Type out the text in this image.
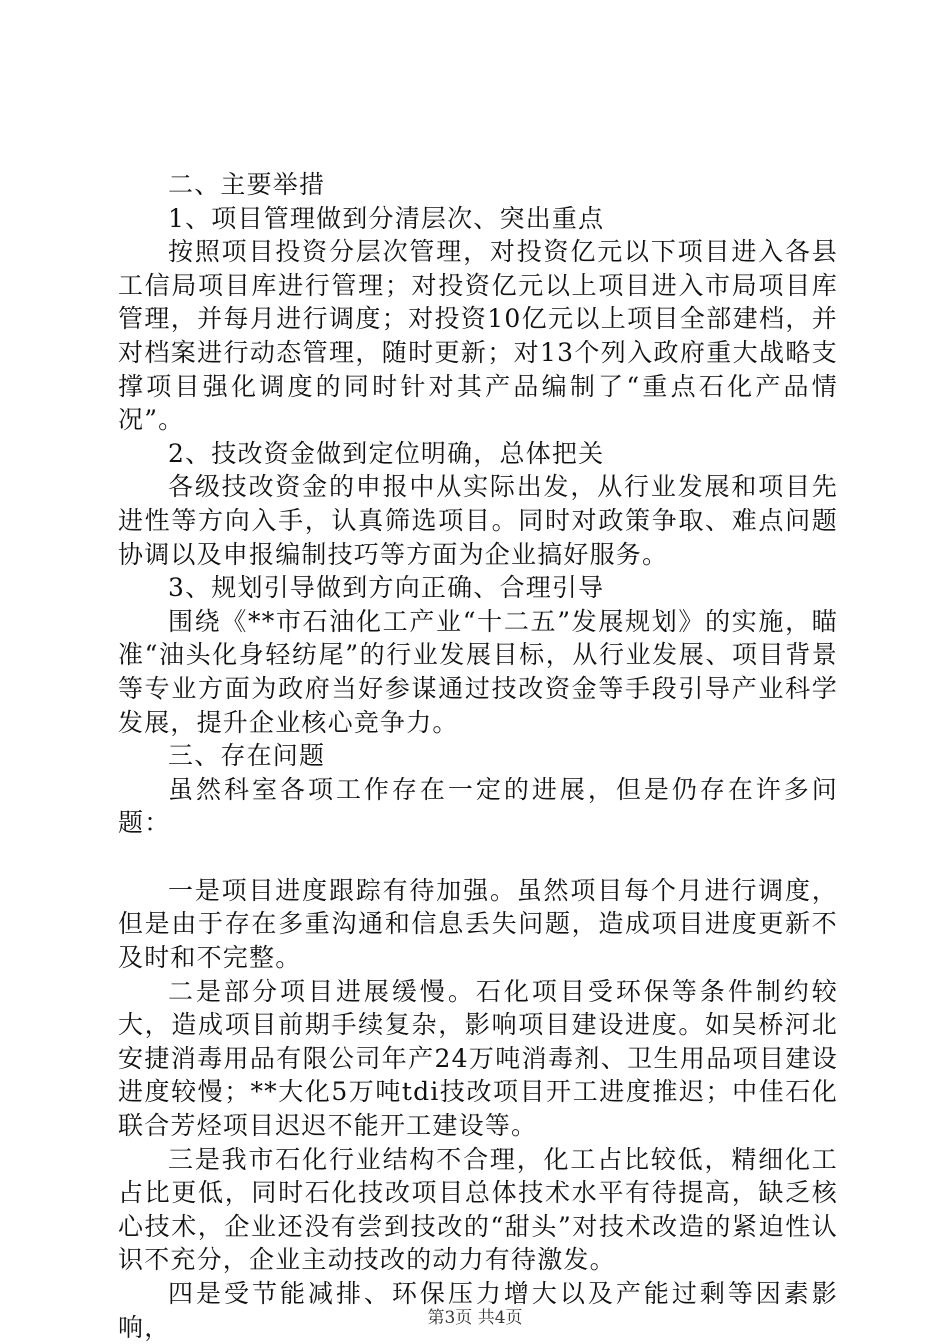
二、主要举措

1、项目管理做到分清层次、突出重点

按照项目投资分层次管理，对投资亿元以下项目进入各县工信局项目库进行管理；对投资亿元以上项目进入市局项目库管理，并每月进行调度；对投资10亿元以上项目全部建档，并对档案进行动态管理，随时更新；对13个列入政府重大战略支撑项目强化调度的同时针对其产品编制了“重点石化产品情况”。

2、技改资金做到定位明确，总体把关

各级技改资金的申报中从实际出发，从行业发展和项目先进性等方向入手，认真筛选项目。同时对政策争取、难点问题协调以及申报编制技巧等方面为企业搞好服务。

3、规划引导做到方向正确、合理引导

围绕《**市石油化工产业“十二五”发展规划》的实施，瞄准“油头化身轻纺尾”的行业发展目标，从行业发展、项目背景等专业方面为政府当好参谋通过技改资金等手段引导产业科学发展，提升企业核心竞争力。

三、存在问题

虽然科室各项工作存在一定的进展，但是仍存在许多问题：

一是项目进度跟踪有待加强。虽然项目每个月进行调度，但是由于存在多重沟通和信息丢失问题，造成项目进度更新不及时和不完整。

二是部分项目进展缓慢。石化项目受环保等条件制约较大，造成项目前期手续复杂，影响项目建设进度。如吴桥河北安捷消毒用品有限公司年产24万吨消毒剂、卫生用品项目建设进度较慢；**大化5万吨tdi技改项目开工进度推迟；中佳石化联合芳烃项目迟迟不能开工建设等。

三是我市石化行业结构不合理，化工占比较低，精细化工占比更低，同时石化技改项目总体技术水平有待提高，缺乏核心技术，企业还没有尝到技改的“甜头”对技术改造的紧迫性认识不充分，企业主动技改的动力有待激发。

四是受节能减排、环保压力增大以及产能过剩等因素影响，	第3页 共4页
